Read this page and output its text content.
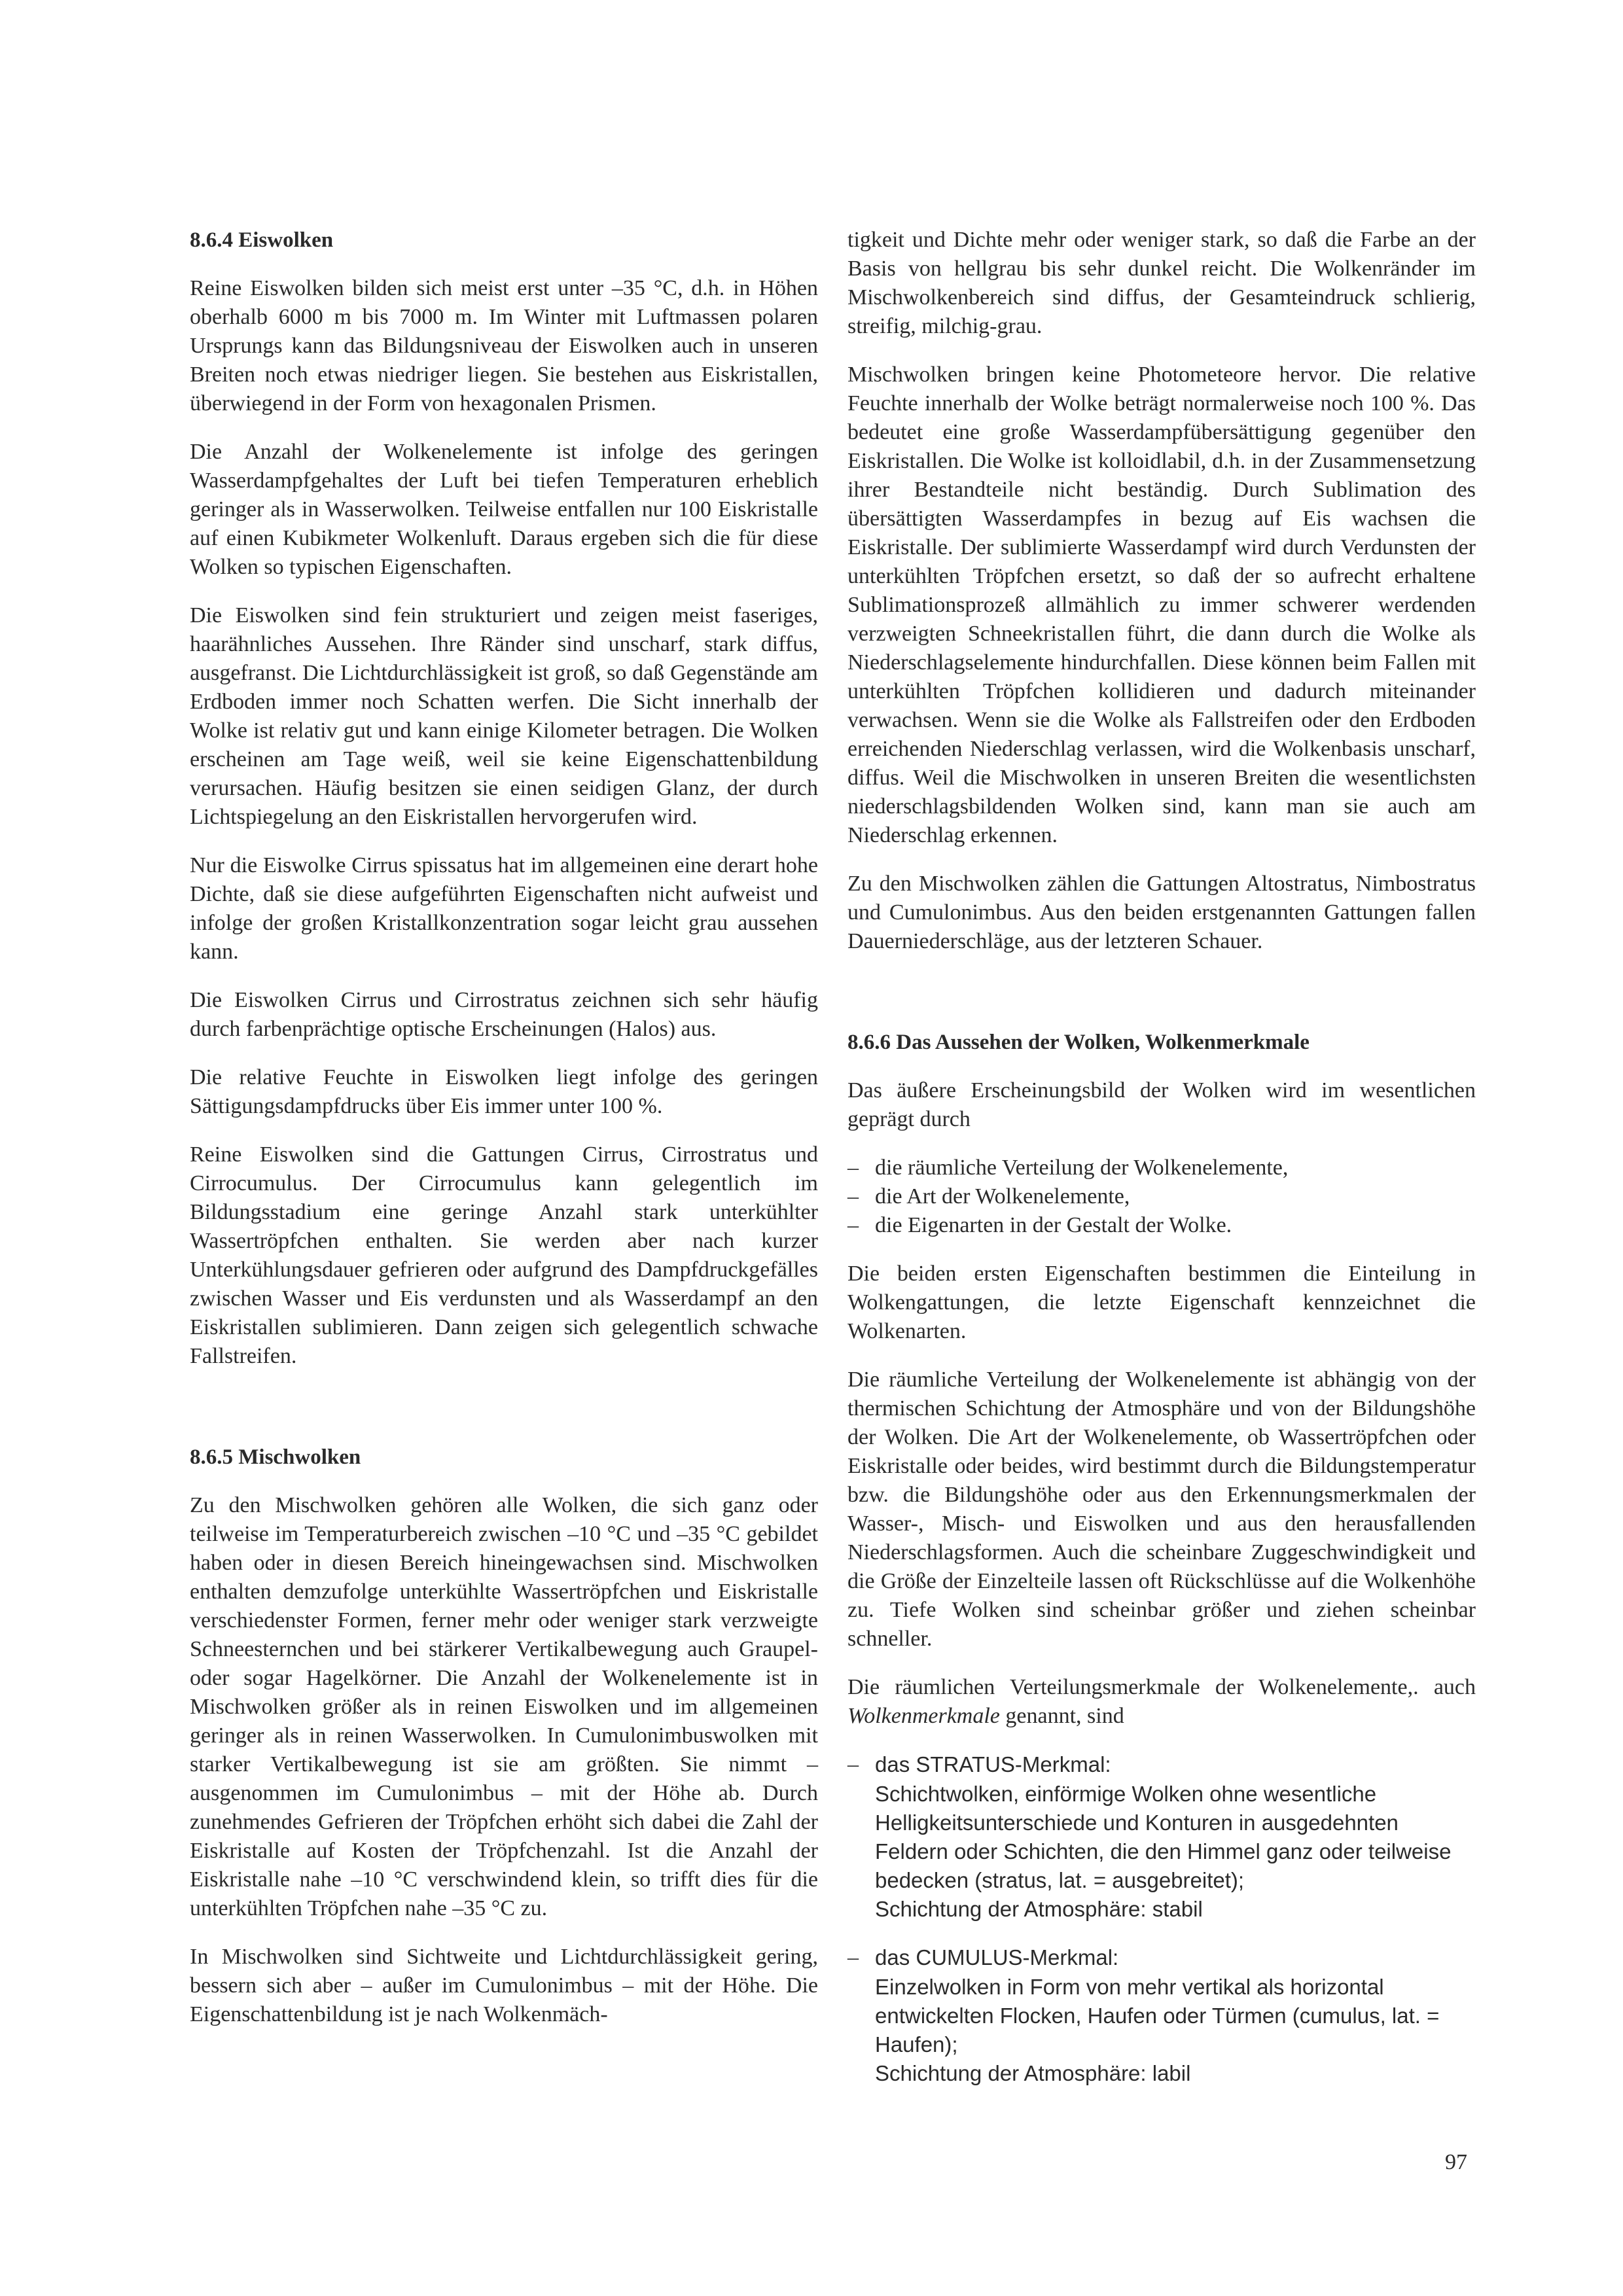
8.6.4 Eiswolken

Reine Eiswolken bilden sich meist erst unter –35 °C, d.h. in Höhen oberhalb 6000 m bis 7000 m. Im Winter mit Luftmassen polaren Ursprungs kann das Bildungsniveau der Eiswolken auch in unseren Breiten noch etwas niedriger liegen. Sie bestehen aus Eiskristallen, überwiegend in der Form von hexagonalen Prismen.

Die Anzahl der Wolkenelemente ist infolge des geringen Wasserdampfgehaltes der Luft bei tiefen Temperaturen erheblich geringer als in Wasserwolken. Teilweise entfallen nur 100 Eiskristalle auf einen Kubikmeter Wolkenluft. Daraus ergeben sich die für diese Wolken so typischen Eigenschaften.

Die Eiswolken sind fein strukturiert und zeigen meist faseriges, haarähnliches Aussehen. Ihre Ränder sind unscharf, stark diffus, ausgefranst. Die Lichtdurchlässigkeit ist groß, so daß Gegenstände am Erdboden immer noch Schatten werfen. Die Sicht innerhalb der Wolke ist relativ gut und kann einige Kilometer betragen. Die Wolken erscheinen am Tage weiß, weil sie keine Eigenschattenbildung verursachen. Häufig besitzen sie einen seidigen Glanz, der durch Lichtspiegelung an den Eiskristallen hervorgerufen wird.

Nur die Eiswolke Cirrus spissatus hat im allgemeinen eine derart hohe Dichte, daß sie diese aufgeführten Eigenschaften nicht aufweist und infolge der großen Kristallkonzentration sogar leicht grau aussehen kann.

Die Eiswolken Cirrus und Cirrostratus zeichnen sich sehr häufig durch farbenprächtige optische Erscheinungen (Halos) aus.

Die relative Feuchte in Eiswolken liegt infolge des geringen Sättigungsdampfdrucks über Eis immer unter 100 %.

Reine Eiswolken sind die Gattungen Cirrus, Cirrostratus und Cirrocumulus. Der Cirrocumulus kann gelegentlich im Bildungsstadium eine geringe Anzahl stark unterkühlter Wassertröpfchen enthalten. Sie werden aber nach kurzer Unterkühlungsdauer gefrieren oder aufgrund des Dampfdruckgefälles zwischen Wasser und Eis verdunsten und als Wasserdampf an den Eiskristallen sublimieren. Dann zeigen sich gelegentlich schwache Fallstreifen.

8.6.5 Mischwolken

Zu den Mischwolken gehören alle Wolken, die sich ganz oder teilweise im Temperaturbereich zwischen –10 °C und –35 °C gebildet haben oder in diesen Bereich hineingewachsen sind. Mischwolken enthalten demzufolge unterkühlte Wassertröpfchen und Eiskristalle verschiedenster Formen, ferner mehr oder weniger stark verzweigte Schneesternchen und bei stärkerer Vertikalbewegung auch Graupel- oder sogar Hagelkörner. Die Anzahl der Wolkenelemente ist in Mischwolken größer als in reinen Eiswolken und im allgemeinen geringer als in reinen Wasserwolken. In Cumulonimbuswolken mit starker Vertikalbewegung ist sie am größten. Sie nimmt – ausgenommen im Cumulonimbus – mit der Höhe ab. Durch zunehmendes Gefrieren der Tröpfchen erhöht sich dabei die Zahl der Eiskristalle auf Kosten der Tröpfchenzahl. Ist die Anzahl der Eiskristalle nahe –10 °C verschwindend klein, so trifft dies für die unterkühlten Tröpfchen nahe –35 °C zu.

In Mischwolken sind Sichtweite und Lichtdurchlässigkeit gering, bessern sich aber – außer im Cumulonimbus – mit der Höhe. Die Eigenschattenbildung ist je nach Wolkenmäch-

tigkeit und Dichte mehr oder weniger stark, so daß die Farbe an der Basis von hellgrau bis sehr dunkel reicht. Die Wolkenränder im Mischwolkenbereich sind diffus, der Gesamteindruck schlierig, streifig, milchig-grau.

Mischwolken bringen keine Photometeore hervor. Die relative Feuchte innerhalb der Wolke beträgt normalerweise noch 100 %. Das bedeutet eine große Wasserdampfübersättigung gegenüber den Eiskristallen. Die Wolke ist kolloidlabil, d.h. in der Zusammensetzung ihrer Bestandteile nicht beständig. Durch Sublimation des übersättigten Wasserdampfes in bezug auf Eis wachsen die Eiskristalle. Der sublimierte Wasserdampf wird durch Verdunsten der unterkühlten Tröpfchen ersetzt, so daß der so aufrecht erhaltene Sublimationsprozeß allmählich zu immer schwerer werdenden verzweigten Schneekristallen führt, die dann durch die Wolke als Niederschlagselemente hindurchfallen. Diese können beim Fallen mit unterkühlten Tröpfchen kollidieren und dadurch miteinander verwachsen. Wenn sie die Wolke als Fallstreifen oder den Erdboden erreichenden Niederschlag verlassen, wird die Wolkenbasis unscharf, diffus. Weil die Mischwolken in unseren Breiten die wesentlichsten niederschlagsbildenden Wolken sind, kann man sie auch am Niederschlag erkennen.

Zu den Mischwolken zählen die Gattungen Altostratus, Nimbostratus und Cumulonimbus. Aus den beiden erstgenannten Gattungen fallen Dauerniederschläge, aus der letzteren Schauer.

8.6.6 Das Aussehen der Wolken, Wolkenmerkmale

Das äußere Erscheinungsbild der Wolken wird im wesentlichen geprägt durch

– die räumliche Verteilung der Wolkenelemente,
– die Art der Wolkenelemente,
– die Eigenarten in der Gestalt der Wolke.

Die beiden ersten Eigenschaften bestimmen die Einteilung in Wolkengattungen, die letzte Eigenschaft kennzeichnet die Wolkenarten.

Die räumliche Verteilung der Wolkenelemente ist abhängig von der thermischen Schichtung der Atmosphäre und von der Bildungshöhe der Wolken. Die Art der Wolkenelemente, ob Wassertröpfchen oder Eiskristalle oder beides, wird bestimmt durch die Bildungstemperatur bzw. die Bildungshöhe oder aus den Erkennungsmerkmalen der Wasser-, Misch- und Eiswolken und aus den herausfallenden Niederschlagsformen. Auch die scheinbare Zuggeschwindigkeit und die Größe der Einzelteile lassen oft Rückschlüsse auf die Wolkenhöhe zu. Tiefe Wolken sind scheinbar größer und ziehen scheinbar schneller.

Die räumlichen Verteilungsmerkmale der Wolkenelemente,. auch Wolkenmerkmale genannt, sind

– das STRATUS-Merkmal:
Schichtwolken, einförmige Wolken ohne wesentliche Helligkeitsunterschiede und Konturen in ausgedehnten Feldern oder Schichten, die den Himmel ganz oder teilweise bedecken (stratus, lat. = ausgebreitet);
Schichtung der Atmosphäre: stabil
– das CUMULUS-Merkmal:
Einzelwolken in Form von mehr vertikal als horizontal entwickelten Flocken, Haufen oder Türmen (cumulus, lat. = Haufen);
Schichtung der Atmosphäre: labil
97
